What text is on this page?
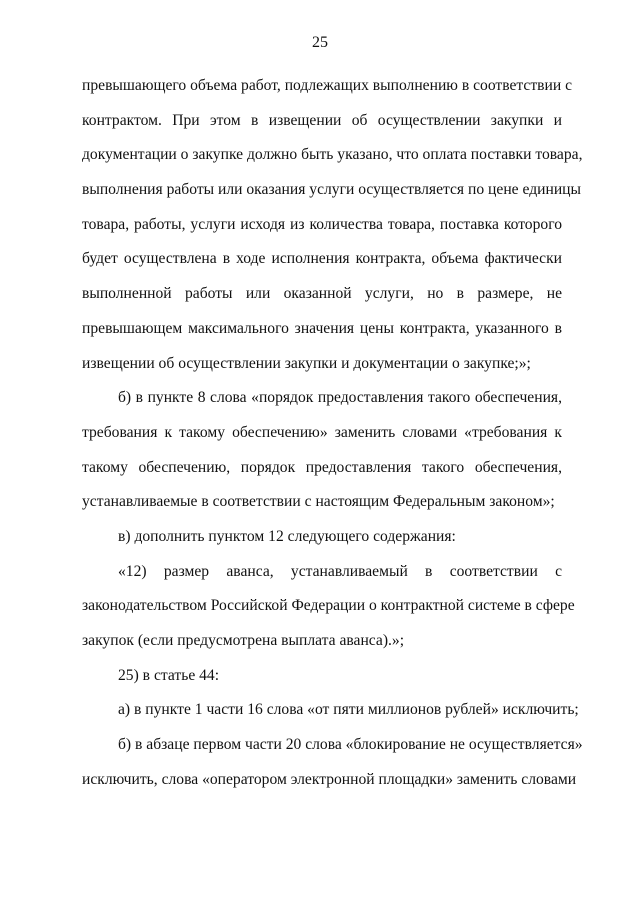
25
превышающего объема работ, подлежащих выполнению в соответствии с
контрактом. При этом в извещении об осуществлении закупки и
документации о закупке должно быть указано, что оплата поставки товара,
выполнения работы или оказания услуги осуществляется по цене единицы
товара, работы, услуги исходя из количества товара, поставка которого
будет осуществлена в ходе исполнения контракта, объема фактически
выполненной работы или оказанной услуги, но в размере, не
превышающем максимального значения цены контракта, указанного в
извещении об осуществлении закупки и документации о закупке;»;
б) в пункте 8 слова «порядок предоставления такого обеспечения,
требования к такому обеспечению» заменить словами «требования к
такому обеспечению, порядок предоставления такого обеспечения,
устанавливаемые в соответствии с настоящим Федеральным законом»;
в) дополнить пунктом 12 следующего содержания:
«12) размер аванса, устанавливаемый в соответствии с
законодательством Российской Федерации о контрактной системе в сфере
закупок (если предусмотрена выплата аванса).»;
25) в статье 44:
а) в пункте 1 части 16 слова «от пяти миллионов рублей» исключить;
б) в абзаце первом части 20 слова «блокирование не осуществляется»
исключить, слова «оператором электронной площадки» заменить словами
